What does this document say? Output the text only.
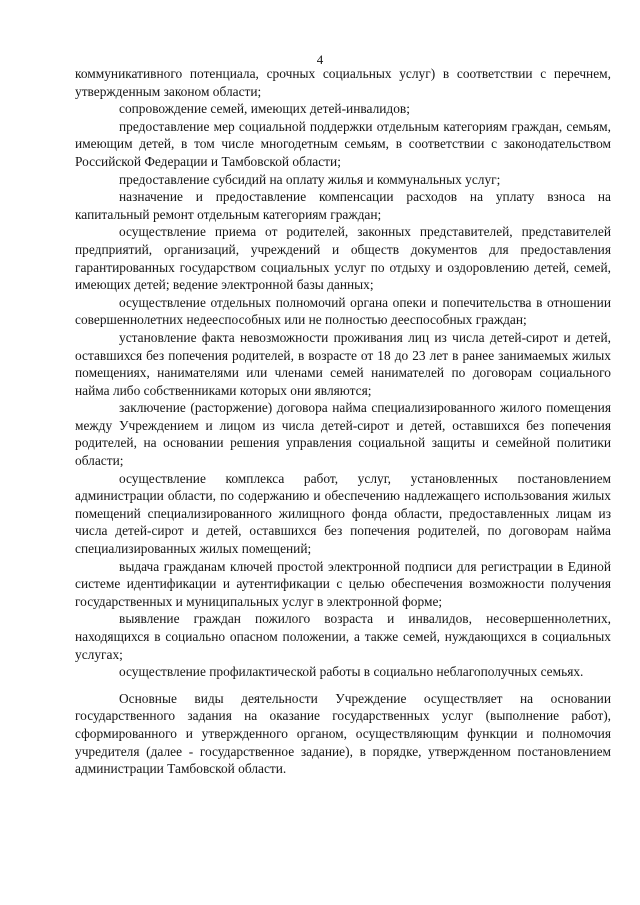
4

коммуникативного потенциала, срочных социальных услуг) в соответствии с перечнем, утвержденным законом области;

сопровождение семей, имеющих детей-инвалидов;

предоставление мер социальной поддержки отдельным категориям граждан, семьям, имеющим детей, в том числе многодетным семьям, в соответствии с законодательством Российской Федерации и Тамбовской области;

предоставление субсидий на оплату жилья и коммунальных услуг;

назначение и предоставление компенсации расходов на уплату взноса на капитальный ремонт отдельным категориям граждан;

осуществление приема от родителей, законных представителей, представителей предприятий, организаций, учреждений и обществ документов для предоставления гарантированных государством социальных услуг по отдыху и оздоровлению детей, семей, имеющих детей; ведение электронной базы данных;

осуществление отдельных полномочий органа опеки и попечительства в отношении совершеннолетних недееспособных или не полностью дееспособных граждан;

установление факта невозможности проживания лиц из числа детей-сирот и детей, оставшихся без попечения родителей, в возрасте от 18 до 23 лет в ранее занимаемых жилых помещениях, нанимателями или членами семей нанимателей по договорам социального найма либо собственниками которых они являются;

заключение (расторжение) договора найма специализированного жилого помещения между Учреждением и лицом из числа детей-сирот и детей, оставшихся без попечения родителей, на основании решения управления социальной защиты и семейной политики области;

осуществление комплекса работ, услуг, установленных постановлением администрации области, по содержанию и обеспечению надлежащего использования жилых помещений специализированного жилищного фонда области, предоставленных лицам из числа детей-сирот и детей, оставшихся без попечения родителей, по договорам найма специализированных жилых помещений;

выдача гражданам ключей простой электронной подписи для регистрации в Единой системе идентификации и аутентификации с целью обеспечения возможности получения государственных и муниципальных услуг в электронной форме;

выявление граждан пожилого возраста и инвалидов, несовершеннолетних, находящихся в социально опасном положении, а также семей, нуждающихся в социальных услугах;

осуществление профилактической работы в социально неблагополучных семьях.

Основные виды деятельности Учреждение осуществляет на основании государственного задания на оказание государственных услуг (выполнение работ), сформированного и утвержденного органом, осуществляющим функции и полномочия учредителя (далее - государственное задание), в порядке, утвержденном постановлением администрации Тамбовской области.
